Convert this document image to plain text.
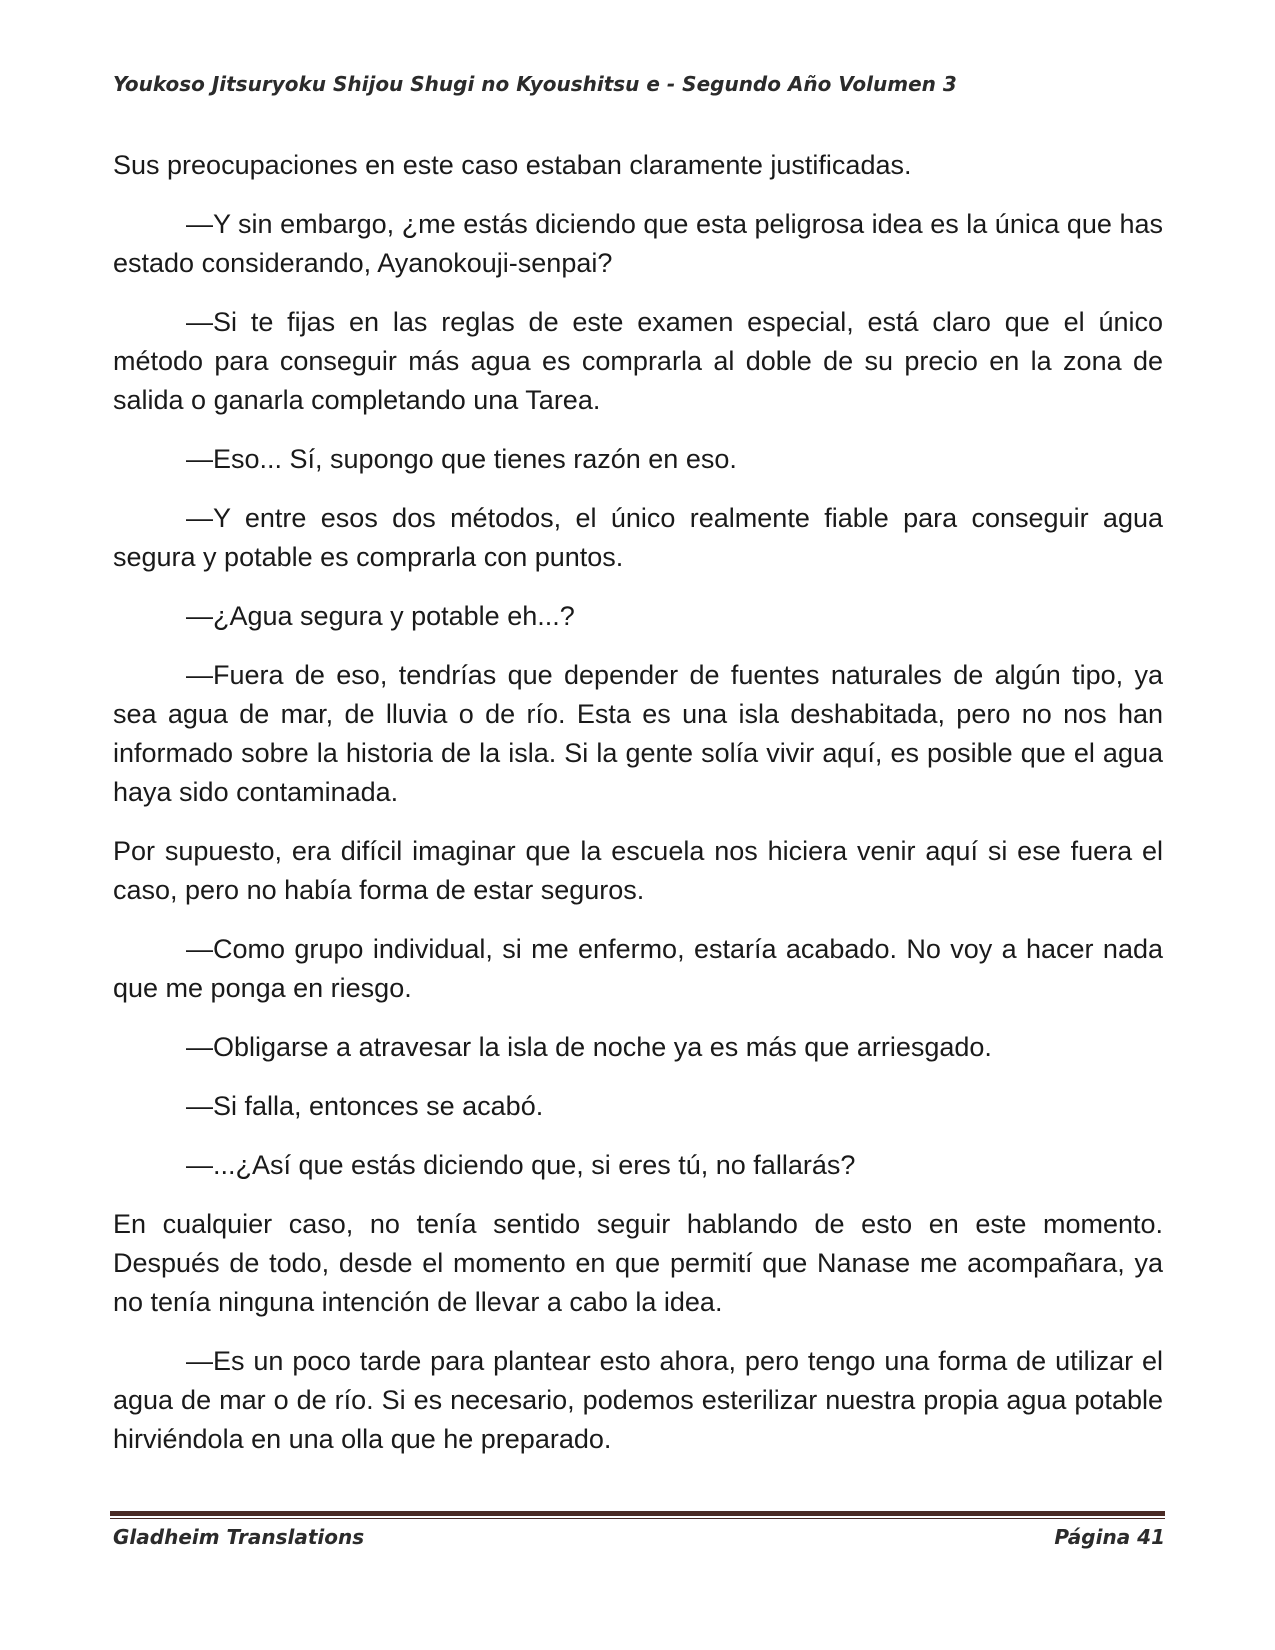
Youkoso Jitsuryoku Shijou Shugi no Kyoushitsu e - Segundo Año Volumen 3

Sus preocupaciones en este caso estaban claramente justificadas.

—Y sin embargo, ¿me estás diciendo que esta peligrosa idea es la única que has estado considerando, Ayanokouji-senpai?

—Si te fijas en las reglas de este examen especial, está claro que el único método para conseguir más agua es comprarla al doble de su precio en la zona de salida o ganarla completando una Tarea.

—Eso... Sí, supongo que tienes razón en eso.

—Y entre esos dos métodos, el único realmente fiable para conseguir agua segura y potable es comprarla con puntos.

—¿Agua segura y potable eh...?

—Fuera de eso, tendrías que depender de fuentes naturales de algún tipo, ya sea agua de mar, de lluvia o de río. Esta es una isla deshabitada, pero no nos han informado sobre la historia de la isla. Si la gente solía vivir aquí, es posible que el agua haya sido contaminada.

Por supuesto, era difícil imaginar que la escuela nos hiciera venir aquí si ese fuera el caso, pero no había forma de estar seguros.

—Como grupo individual, si me enfermo, estaría acabado. No voy a hacer nada que me ponga en riesgo.

—Obligarse a atravesar la isla de noche ya es más que arriesgado.

—Si falla, entonces se acabó.

—...¿Así que estás diciendo que, si eres tú, no fallarás?

En cualquier caso, no tenía sentido seguir hablando de esto en este momento. Después de todo, desde el momento en que permití que Nanase me acompañara, ya no tenía ninguna intención de llevar a cabo la idea.

—Es un poco tarde para plantear esto ahora, pero tengo una forma de utilizar el agua de mar o de río. Si es necesario, podemos esterilizar nuestra propia agua potable hirviéndola en una olla que he preparado.

Gladheim Translations	Página 41
